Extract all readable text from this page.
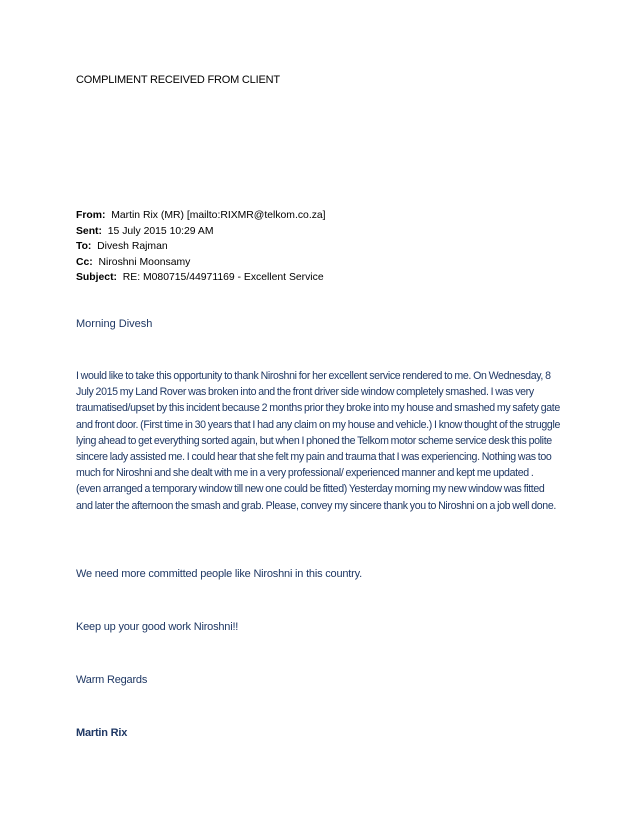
COMPLIMENT RECEIVED FROM CLIENT
From: Martin Rix (MR) [mailto:RIXMR@telkom.co.za]
Sent: 15 July 2015 10:29 AM
To: Divesh Rajman
Cc: Niroshni Moonsamy
Subject: RE: M080715/44971169 - Excellent Service
Morning Divesh
I would like to take this opportunity to thank Niroshni for her excellent service rendered to me. On Wednesday, 8 July 2015 my Land Rover was broken into and the front driver side window completely smashed. I was very traumatised/upset by this incident because 2 months prior they broke into my house and smashed my safety gate and front door. (First time in 30 years that I had any claim on my house and vehicle.) I know thought of the struggle lying ahead to get everything sorted again, but when I phoned the Telkom motor scheme service desk this polite sincere lady assisted me. I could hear that she felt my pain and trauma that I was experiencing. Nothing was too much for Niroshni and she dealt with me in a very professional/ experienced manner and kept me updated . (even arranged a temporary window till new one could be fitted) Yesterday morning my new window was fitted and later the afternoon the smash and grab. Please, convey my sincere thank you to Niroshni on a job well done.
We need more committed people like Niroshni in this country.
Keep up your good work Niroshni!!
Warm Regards
Martin Rix
